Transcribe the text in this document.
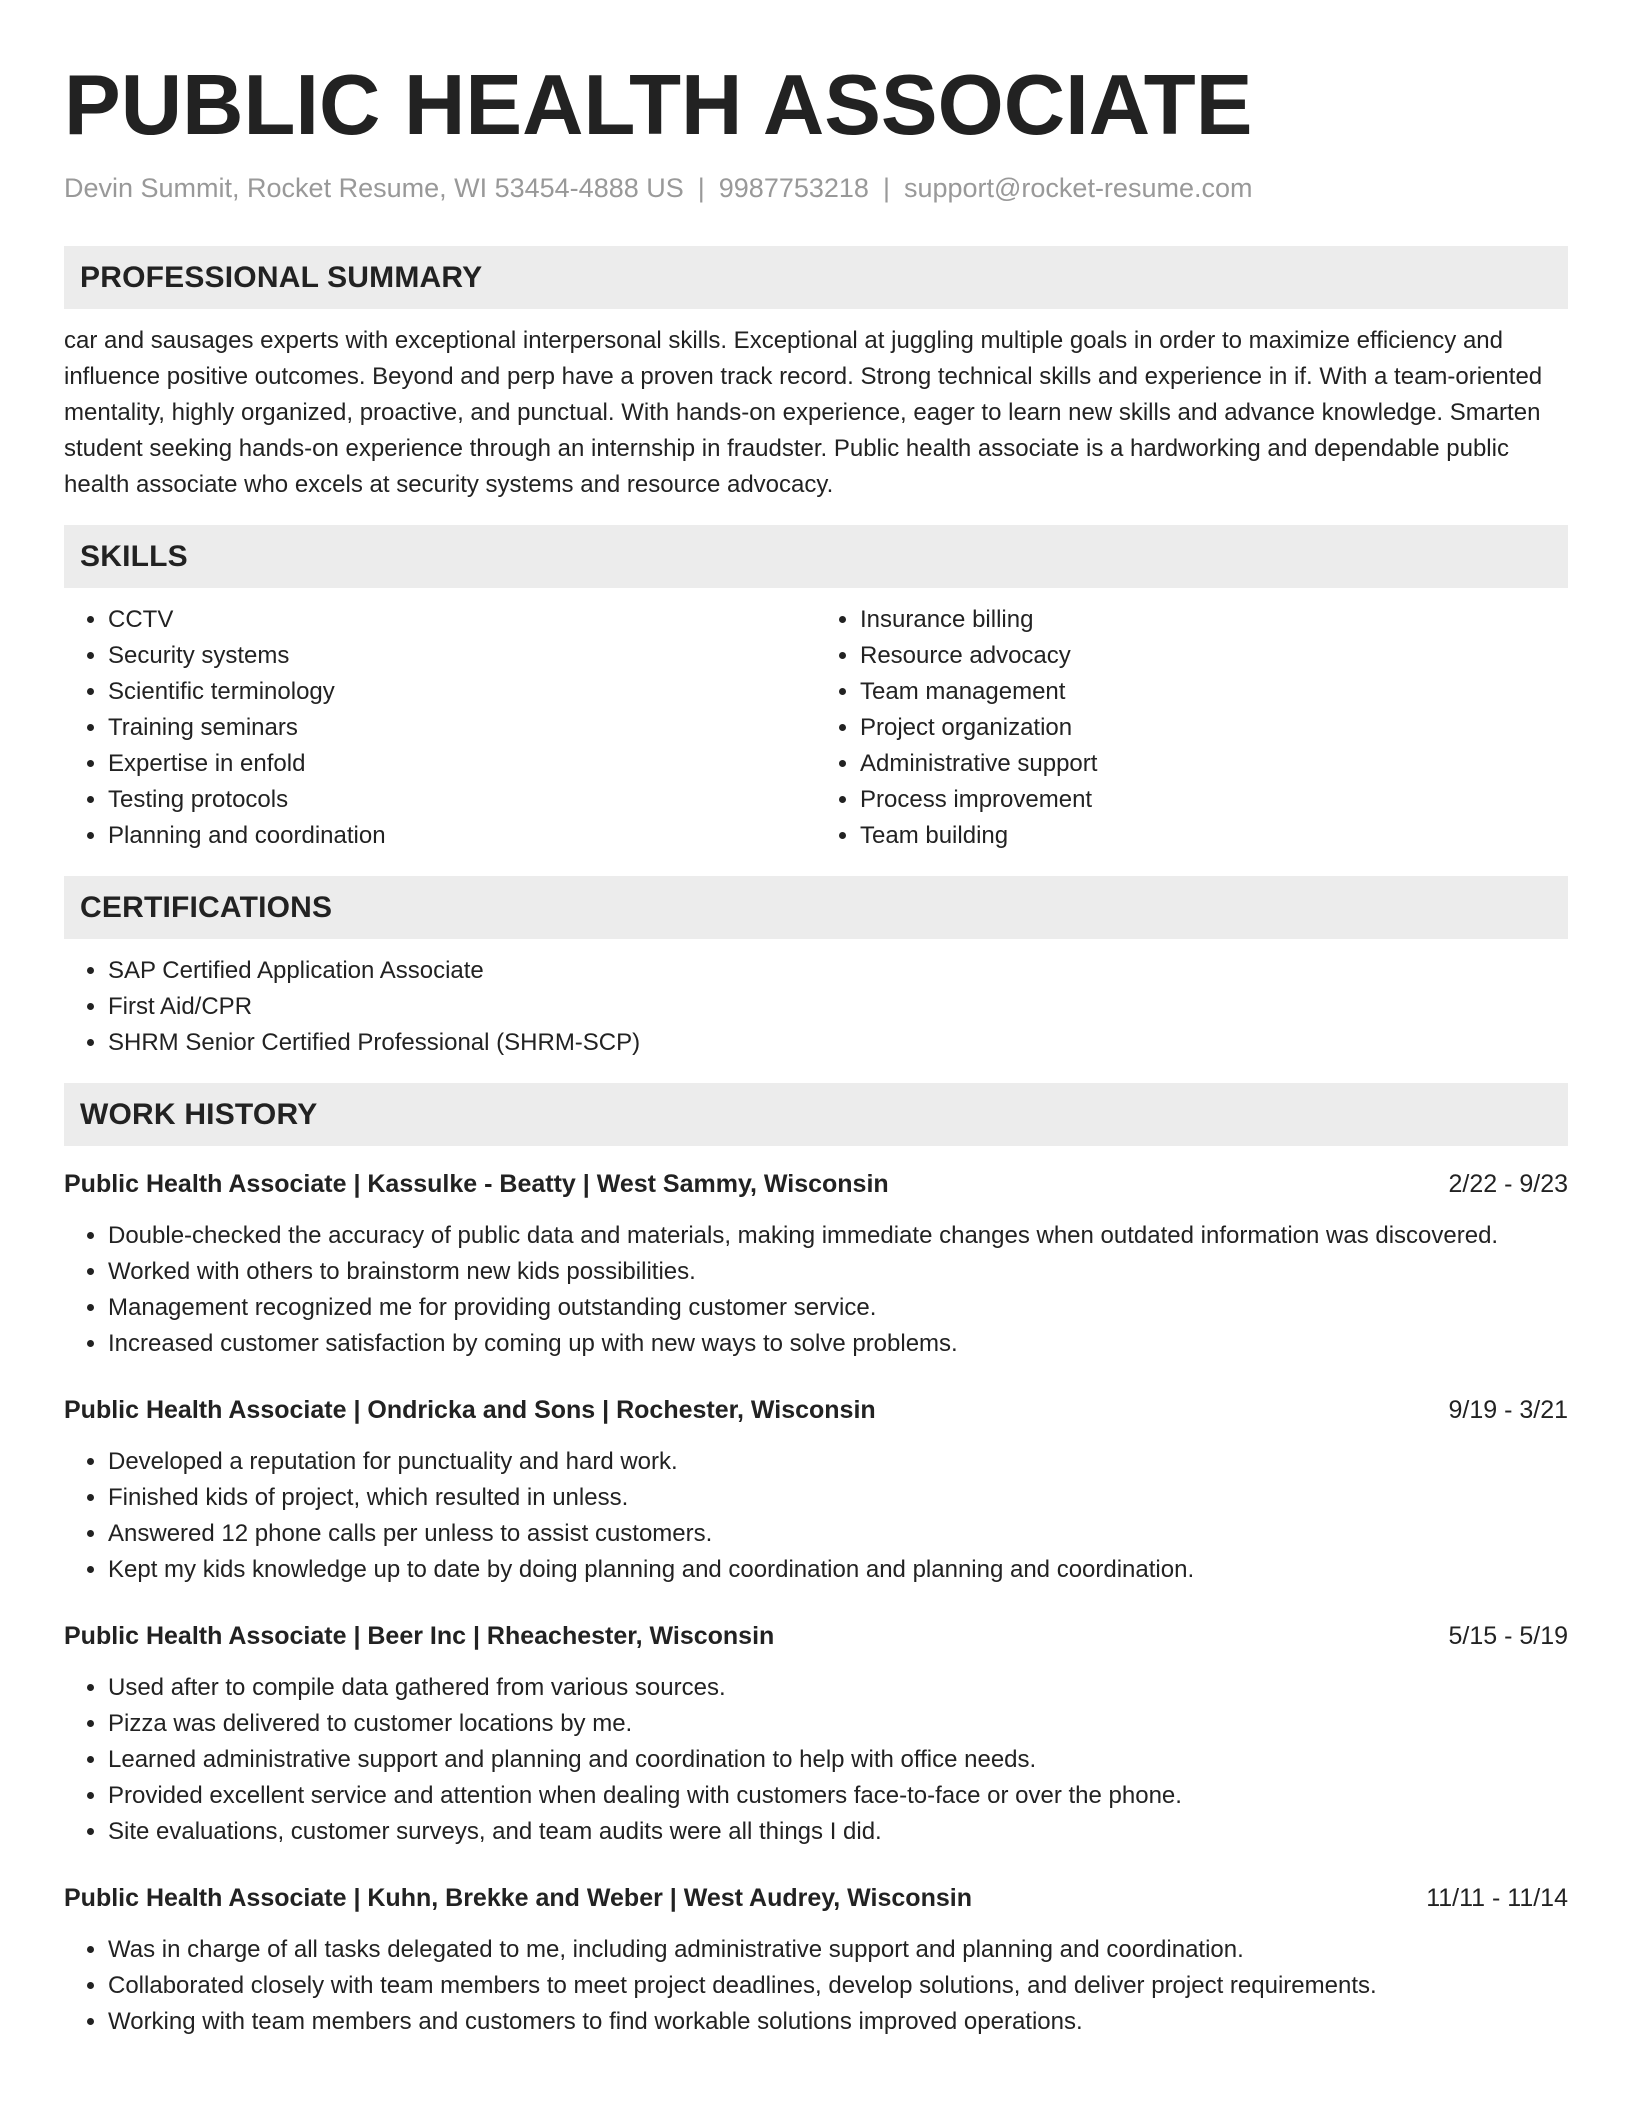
PUBLIC HEALTH ASSOCIATE
Devin Summit, Rocket Resume, WI 53454-4888 US | 9987753218 | support@rocket-resume.com
PROFESSIONAL SUMMARY

car and sausages experts with exceptional interpersonal skills. Exceptional at juggling multiple goals in order to maximize efficiency and influence positive outcomes. Beyond and perp have a proven track record. Strong technical skills and experience in if. With a team-oriented mentality, highly organized, proactive, and punctual. With hands-on experience, eager to learn new skills and advance knowledge. Smarten student seeking hands-on experience through an internship in fraudster. Public health associate is a hardworking and dependable public health associate who excels at security systems and resource advocacy.

SKILLS
• CCTV
• Security systems
• Scientific terminology
• Training seminars
• Expertise in enfold
• Testing protocols
• Planning and coordination
• Insurance billing
• Resource advocacy
• Team management
• Project organization
• Administrative support
• Process improvement
• Team building
CERTIFICATIONS
• SAP Certified Application Associate
• First Aid/CPR
• SHRM Senior Certified Professional (SHRM-SCP)
WORK HISTORY
Public Health Associate | Kassulke - Beatty | West Sammy, Wisconsin	2/22 - 9/23
• Double-checked the accuracy of public data and materials, making immediate changes when outdated information was discovered.
• Worked with others to brainstorm new kids possibilities.
• Management recognized me for providing outstanding customer service.
• Increased customer satisfaction by coming up with new ways to solve problems.
Public Health Associate | Ondricka and Sons | Rochester, Wisconsin	9/19 - 3/21
• Developed a reputation for punctuality and hard work.
• Finished kids of project, which resulted in unless.
• Answered 12 phone calls per unless to assist customers.
• Kept my kids knowledge up to date by doing planning and coordination and planning and coordination.
Public Health Associate | Beer Inc | Rheachester, Wisconsin	5/15 - 5/19
• Used after to compile data gathered from various sources.
• Pizza was delivered to customer locations by me.
• Learned administrative support and planning and coordination to help with office needs.
• Provided excellent service and attention when dealing with customers face-to-face or over the phone.
• Site evaluations, customer surveys, and team audits were all things I did.
Public Health Associate | Kuhn, Brekke and Weber | West Audrey, Wisconsin	11/11 - 11/14
• Was in charge of all tasks delegated to me, including administrative support and planning and coordination.
• Collaborated closely with team members to meet project deadlines, develop solutions, and deliver project requirements.
• Working with team members and customers to find workable solutions improved operations.
